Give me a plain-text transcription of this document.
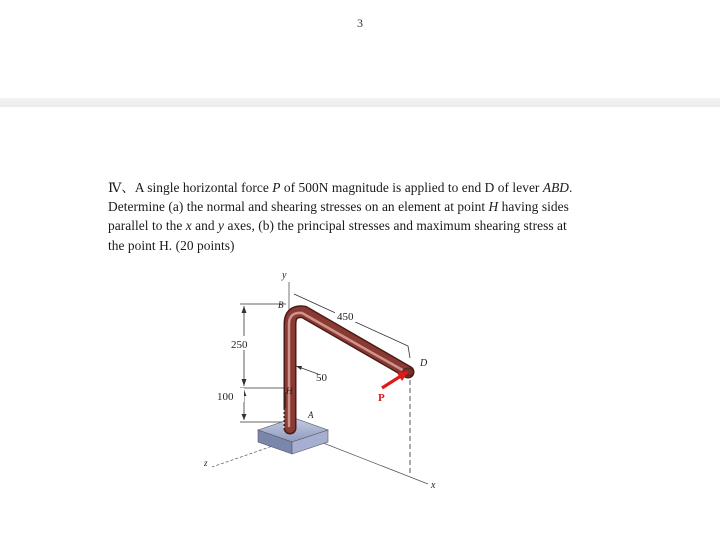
3

Ⅳ、A single horizontal force P of 500N magnitude is applied to end D of lever ABD.

Determine (a) the normal and shearing stresses on an element at point H having sides

parallel to the x and y axes, (b) the principal stresses and maximum shearing stress at

the point H. (20 points)

y
z
x
450
250
100	H
50
B
D
A
P
